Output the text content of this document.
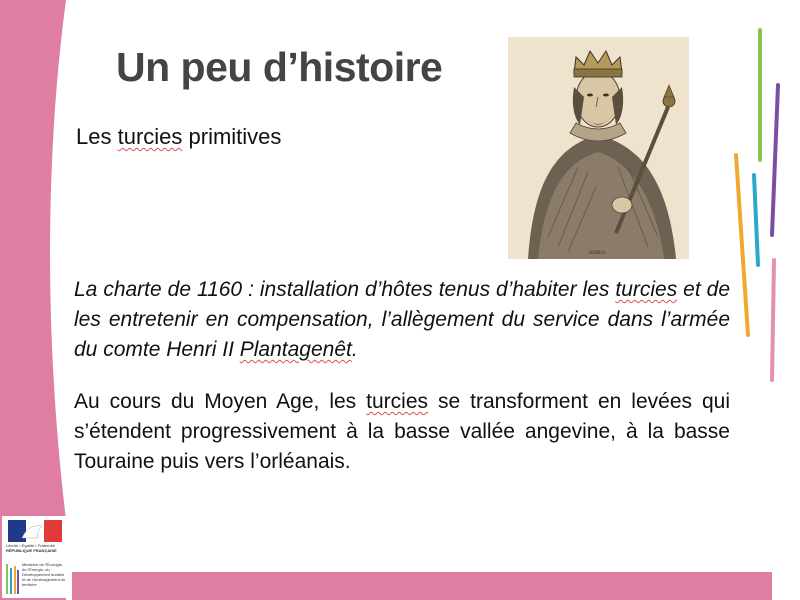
Un peu d’histoire
Les turcies primitives
HENRI II.

La charte de 1160 : installation d’hôtes tenus d’habiter les turcies et de les entretenir en compensation, l’allègement du service dans l’armée du comte Henri II Plantagenêt.

Au cours du Moyen Age, les turcies se transforment en levées qui s’étendent progressivement à la basse vallée angevine, à la basse Touraine puis vers l’orléanais.

Liberté • Égalité • Fraternité
RÉPUBLIQUE FRANÇAISE
Ministère de l'Écologie, de l'Énergie, du Développement durable et de l'Aménagement du territoire
